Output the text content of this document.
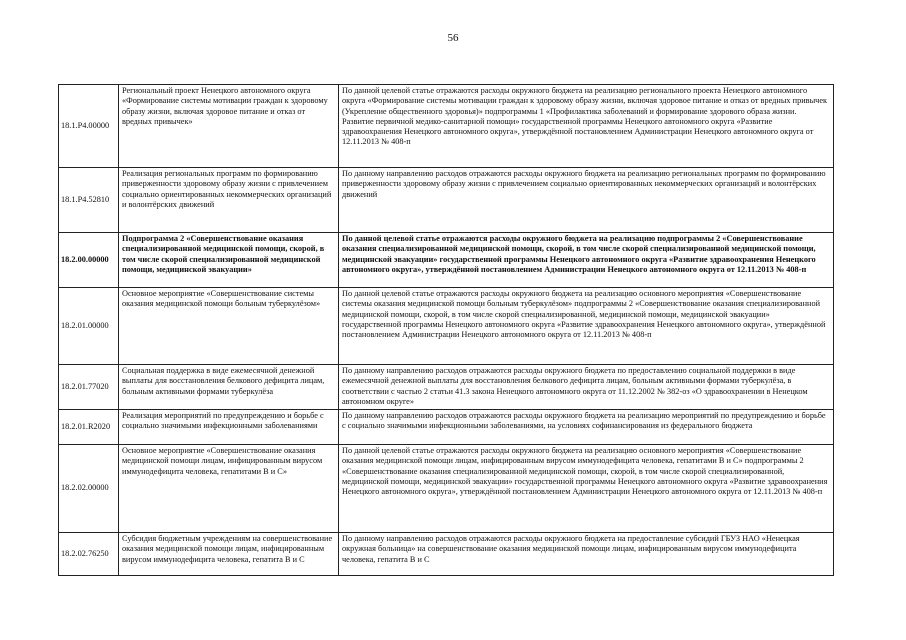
56
18.1.P4.00000	Региональный проект Ненецкого автономного округа «Формирование системы мотивации граждан к здоровому образу жизни, включая здоровое питание и отказ от вредных привычек»	По данной целевой статье отражаются расходы окружного бюджета на реализацию регионального проекта Ненецкого автономного округа «Формирование системы мотивации граждан к здоровому образу жизни, включая здоровое питание и отказ от вредных привычек (Укрепление общественного здоровья)» подпрограммы 1 «Профилактика заболеваний и формирование здорового образа жизни. Развитие первичной медико-санитарной помощи» государственной программы Ненецкого автономного округа «Развитие здравоохранения Ненецкого автономного округа», утверждённой постановлением Администрации Ненецкого автономного округа от 12.11.2013 № 408-п
18.1.P4.52810	Реализация региональных программ по формированию приверженности здоровому образу жизни с привлечением социально ориентированных некоммерческих организаций и волонтёрских движений	По данному направлению расходов отражаются расходы окружного бюджета на реализацию региональных программ по формированию приверженности здоровому образу жизни с привлечением социально ориентированных некоммерческих организаций и волонтёрских движений
18.2.00.00000	Подпрограмма 2 «Совершенствование оказания специализированной медицинской помощи, скорой, в том числе скорой специализированной медицинской помощи, медицинской эвакуации»	По данной целевой статье отражаются расходы окружного бюджета на реализацию подпрограммы 2 «Совершенствование оказания специализированной медицинской помощи, скорой, в том числе скорой специализированной медицинской помощи, медицинской эвакуации» государственной программы Ненецкого автономного округа «Развитие здравоохранения Ненецкого автономного округа», утверждённой постановлением Администрации Ненецкого автономного округа от 12.11.2013 № 408-п
18.2.01.00000	Основное мероприятие «Совершенствование системы оказания медицинской помощи больным туберкулёзом»	По данной целевой статье отражаются расходы окружного бюджета на реализацию основного мероприятия «Совершенствование системы оказания медицинской помощи больным туберкулёзом» подпрограммы 2 «Совершенствование оказания специализированной медицинской помощи, скорой, в том числе скорой специализированной, медицинской помощи, медицинской эвакуации» государственной программы Ненецкого автономного округа «Развитие здравоохранения Ненецкого автономного округа», утверждённой постановлением Администрации Ненецкого автономного округа от 12.11.2013 № 408-п
18.2.01.77020	Социальная поддержка в виде ежемесячной денежной выплаты для восстановления белкового дефицита лицам, больным активными формами туберкулёза	По данному направлению расходов отражаются расходы окружного бюджета по предоставлению социальной поддержки в виде ежемесячной денежной выплаты для восстановления белкового дефицита лицам, больным активными формами туберкулёза, в соответствии с частью 2 статьи 41.3 закона Ненецкого автономного округа от 11.12.2002 № 382-оз «О здравоохранении в Ненецком автономном округе»
18.2.01.R2020	Реализация мероприятий по предупреждению и борьбе с социально значимыми инфекционными заболеваниями	По данному направлению расходов отражаются расходы окружного бюджета на реализацию мероприятий по предупреждению и борьбе с социально значимыми инфекционными заболеваниями, на условиях софинансирования из федерального бюджета
18.2.02.00000	Основное мероприятие «Совершенствование оказания медицинской помощи лицам, инфицированным вирусом иммунодефицита человека, гепатитами В и С»	По данной целевой статье отражаются расходы окружного бюджета на реализацию основного мероприятия «Совершенствование оказания медицинской помощи лицам, инфицированным вирусом иммунодефицита человека, гепатитами В и С» подпрограммы 2 «Совершенствование оказания специализированной медицинской помощи, скорой, в том числе скорой специализированной, медицинской помощи, медицинской эвакуации» государственной программы Ненецкого автономного округа «Развитие здравоохранения Ненецкого автономного округа», утверждённой постановлением Администрации Ненецкого автономного округа от 12.11.2013 № 408-п
18.2.02.76250	Субсидия бюджетным учреждениям на совершенствование оказания медицинской помощи лицам, инфицированным вирусом иммунодефицита человека, гепатита В и С	По данному направлению расходов отражаются расходы окружного бюджета на предоставление субсидий ГБУЗ НАО «Ненецкая окружная больница» на совершенствование оказания медицинской помощи лицам, инфицированным вирусом иммунодефицита человека, гепатита В и С
